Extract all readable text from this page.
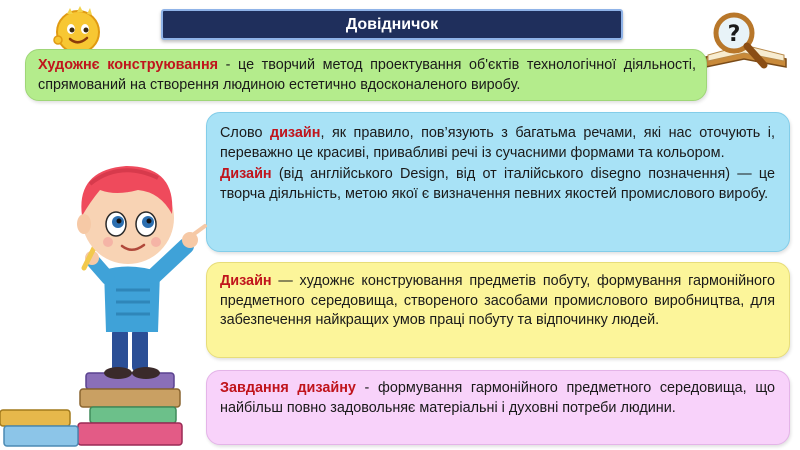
Довідничок	?
Художнє конструювання - це творчий метод проектування об'єктів технологічної діяльності, спрямований на створення людиною естетично вдосконаленого виробу.
Слово дизайн, як правило, пов’язують з багатьма речами, які нас оточують і, переважно це красиві, привабливі речі із сучасними формами та кольором.
Дизайн (від англійського Design, від от італійського disegno позначення) — це творча діяльність, метою якої є визначення певних якостей промислового виробу.
Дизайн — художнє конструювання предметів побуту, формування гармонійного предметного середовища, створеного засобами промислового виробництва, для забезпечення найкращих умов праці побуту та відпочинку людей.
Завдання дизайну - формування гармонійного предметного середовища, що найбільш повно задовольняє матеріальні і духовні потреби людини.
